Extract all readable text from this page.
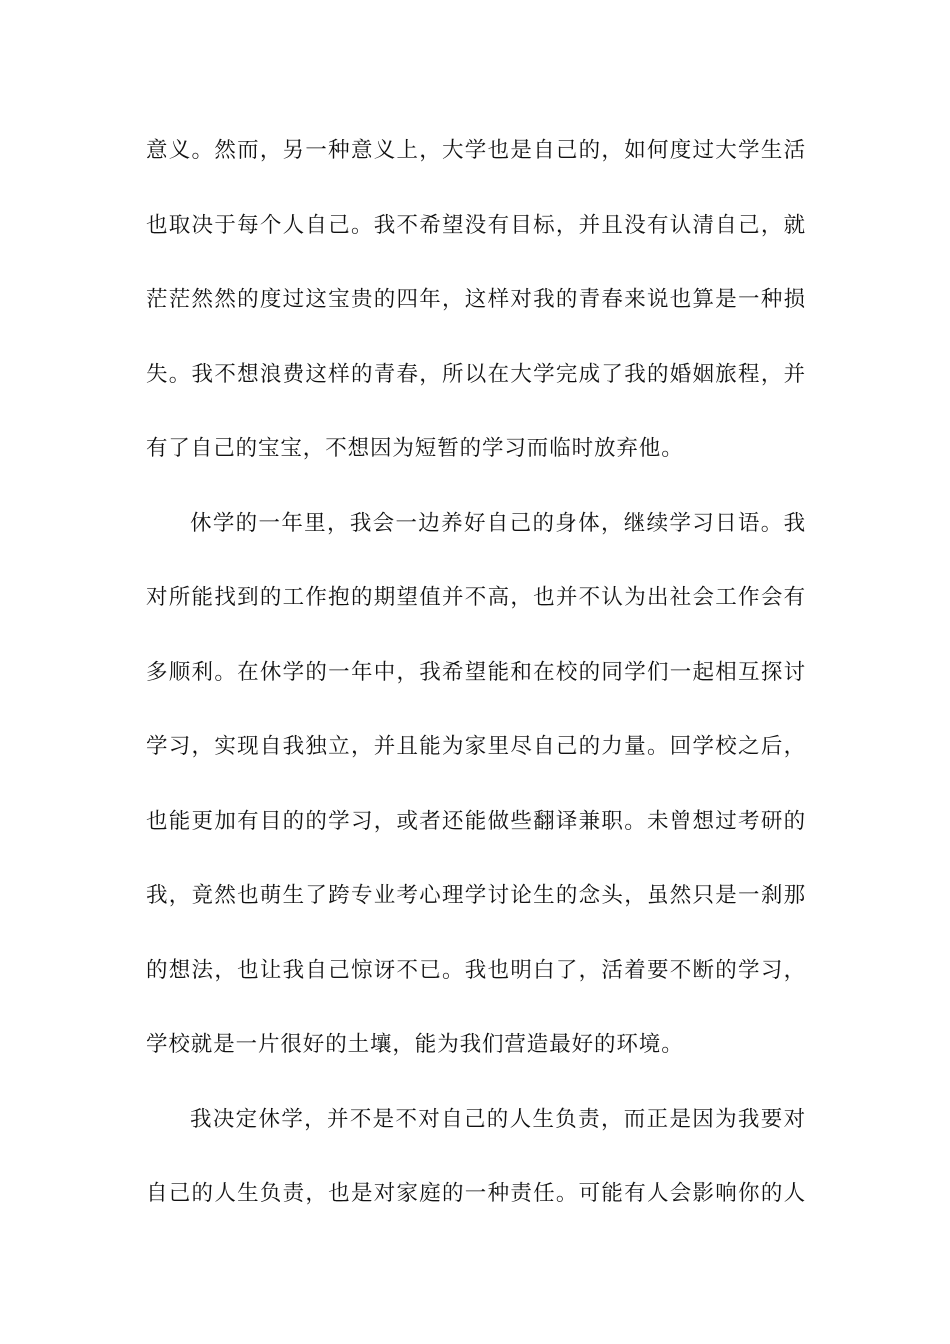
意义。然而，另一种意义上，大学也是自己的，如何度过大学生活
也取决于每个人自己。我不希望没有目标，并且没有认清自己，就
茫茫然然的度过这宝贵的四年，这样对我的青春来说也算是一种损
失。我不想浪费这样的青春，所以在大学完成了我的婚姻旅程，并
有了自己的宝宝，不想因为短暂的学习而临时放弃他。
休学的一年里，我会一边养好自己的身体，继续学习日语。我
对所能找到的工作抱的期望值并不高，也并不认为出社会工作会有
多顺利。在休学的一年中，我希望能和在校的同学们一起相互探讨
学习，实现自我独立，并且能为家里尽自己的力量。回学校之后，
也能更加有目的的学习，或者还能做些翻译兼职。未曾想过考研的
我，竟然也萌生了跨专业考心理学讨论生的念头，虽然只是一刹那
的想法，也让我自己惊讶不已。我也明白了，活着要不断的学习，
学校就是一片很好的土壤，能为我们营造最好的环境。
我决定休学，并不是不对自己的人生负责，而正是因为我要对
自己的人生负责，也是对家庭的一种责任。可能有人会影响你的人
